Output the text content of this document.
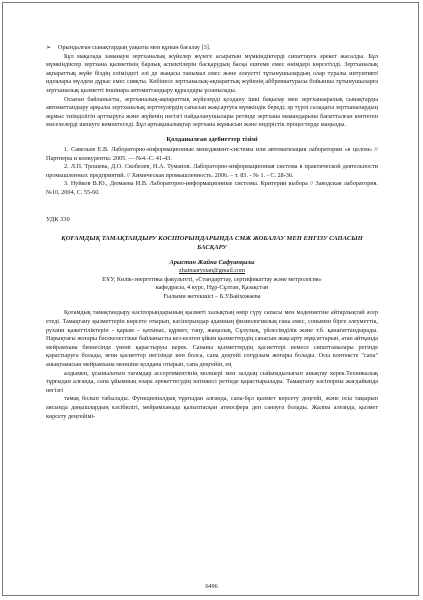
➢ Орындалған сынақтардың уақыты мен құнын бағалау [3].

Бұл мақалада заманауи зертханалық жүйелер жүзеге асыратын мүмкіндіктерді сипаттауға әрекет жасалды. Бұл мүмкіндіктер зертхана қызметінің барлық аспектілерін басқарудың басқа ешғеме емес өнімдері көрсетілді. Зертханалық ақпараттық жүйе біздің еліміздегі әлі де жаңасы танымал емес және әлеуетті тұтынушылардың олар туралы интуитивті идеялары мүлдем дұрыс емес сияқты. Көбінесе зертханалық-ақпараттық жүйенің аббревиатурасы бойынша тұтынушыларға зертханалық қызметті іншінара автоматтандыру құралдары ұсынылады.

Осыған байланысты, зертханалық-ақпараттық жүйелерді қолдану ішкі бақылау мен зертханааралық сынақтарды автоматтандыру арқылы зертханалық зерттеулердің сапасын жақсартуға мүмкіндік береді; әр түрлі саладағы зертханалардың жұмыс тиімділігін арттыруға және жүйенің негізгі пайдаланушылары ретінде зертхана мамандарына бағытталған көптеген мәселелерді шешуге көмектеседі. Бұл артықшылықтар зертхана жұмысын және өндірістік процестерде маңызды.

Қолданылған әдебиеттер тізімі

1. Савельев Е.В. Лабораторно-информационные менеджмент-системы или автоматизация лаборатории «в целом» // Партнеры и конкуренты. 2005. — №4.-С. 41-43.

2. Л.П. Трошева, Д.О. Скобелев, Н.А. Туманов. Лабораторно-информационная система в практической деятельности промышленных предприятий. // Химическая промышленность. 2006. – т. 83. - № 1. - С. 28-36.

3. Нуйков В.Ю., Дюмаева И.В. Лабораторно-информационные системы. Критерии выбора // Заводская лаборатория. №10, 2004, С. 55-60.

УДК 330
ҚОҒАМДЫҚ ТАМАҚТАНДЫРУ КӘСІПОРЫНДАРЫНДА СМЖ ЖОБАЛАУ МЕН ЕНГІЗУ САПАСЫН БАСҚАРУ

Арыстан Жайна Сафуанқызы

zhainaarystan@gmail.com

ЕҰУ, Көлік-энергетика факультеті, «Стандарттау, сертификаттау және метрология»

кафедрасы, 4 курс, Нұр-Сұлтан, Қазақстан

Ғылыми жетекшісі – Б.У.Байхожаева

Қоғамдық тамақтандыру кәсіпорындарының қызметі халықтың өмір сүру сапасы мен мәдениетіне айтарлықтай әсер етеді. Тамақтану қызметтерін көрсете отырып, кәсіпорындар адамның физиологиялық ғана емес, сонымен бірге әлеуметтік, рухани қажеттіліктерін - қарым – қатынас, құрмет, таңу, жаңалық, Сұлулық, үйлесімділік және т.б. қанағаттандырады. Нарықтағы жоғары бәсекелестікке байланысты кез-келген ұйым қызметтердің сапасын жақсарту мұқсаттарын, атап айтқанда мейрамхана бизнесінде үнемі қарастыруы керек. Сапаны қызметтердің қасиеттері немесе сипаттамалары ретінде қарастыруға болады, яғни қасиеттер негізінде көп болса, сапа деңгейі соғұрлым жоғары болады. Осы контексте "сапа" анықтамасын мейрамхана меншіне қолдана отырып, сапа деңгейін, ең

алдымен, ұсынылатын тағамдар ассортиментінің молшері мен залдың сыйымдылығын анықтау керек.Техникалық тұрғыдан алғанда, сапа ұйымның өзара әрекеттесудің нәтижесі ретінде қарастырылады. Тамақтану кәсіпорны жағдайында негізгі

тамақ болып табылады. Функционалдық тұрғыдан алғанда, сапа-бұл қызмет көрсету деңгейі, және осы тақырып аясында даңышлардың кәсібилігі, мейрамханада қалыптасқан атмосфера деп санауға болады. Жалпы алғанда, қызмет көрсету деңгейімі-

6496
